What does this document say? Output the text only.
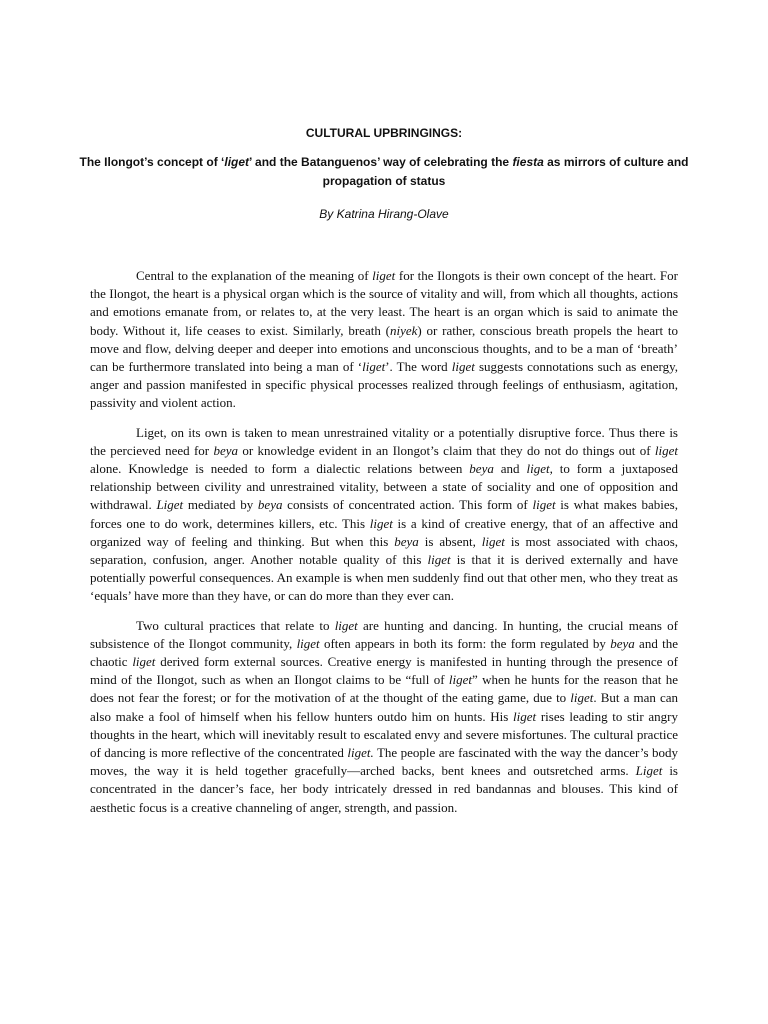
CULTURAL UPBRINGINGS:
The Ilongot’s concept of ‘liget’ and the Batanguenos’ way of celebrating the fiesta as mirrors of culture and propagation of status
By Katrina Hirang-Olave

Central to the explanation of the meaning of liget for the Ilongots is their own concept of the heart. For the Ilongot, the heart is a physical organ which is the source of vitality and will, from which all thoughts, actions and emotions emanate from, or relates to, at the very least. The heart is an organ which is said to animate the body. Without it, life ceases to exist. Similarly, breath (niyek) or rather, conscious breath propels the heart to move and flow, delving deeper and deeper into emotions and unconscious thoughts, and to be a man of ‘breath’ can be furthermore translated into being a man of ‘liget’. The word liget suggests connotations such as energy, anger and passion manifested in specific physical processes realized through feelings of enthusiasm, agitation, passivity and violent action.

Liget, on its own is taken to mean unrestrained vitality or a potentially disruptive force. Thus there is the percieved need for beya or knowledge evident in an Ilongot’s claim that they do not do things out of liget alone. Knowledge is needed to form a dialectic relations between beya and liget, to form a juxtaposed relationship between civility and unrestrained vitality, between a state of sociality and one of opposition and withdrawal. Liget mediated by beya consists of concentrated action. This form of liget is what makes babies, forces one to do work, determines killers, etc. This liget is a kind of creative energy, that of an affective and organized way of feeling and thinking. But when this beya is absent, liget is most associated with chaos, separation, confusion, anger. Another notable quality of this liget is that it is derived externally and have potentially powerful consequences. An example is when men suddenly find out that other men, who they treat as ‘equals’ have more than they have, or can do more than they ever can.

Two cultural practices that relate to liget are hunting and dancing. In hunting, the crucial means of subsistence of the Ilongot community, liget often appears in both its form: the form regulated by beya and the chaotic liget derived form external sources. Creative energy is manifested in hunting through the presence of mind of the Ilongot, such as when an Ilongot claims to be “full of liget” when he hunts for the reason that he does not fear the forest; or for the motivation of at the thought of the eating game, due to liget. But a man can also make a fool of himself when his fellow hunters outdo him on hunts. His liget rises leading to stir angry thoughts in the heart, which will inevitably result to escalated envy and severe misfortunes. The cultural practice of dancing is more reflective of the concentrated liget. The people are fascinated with the way the dancer’s body moves, the way it is held together gracefully—arched backs, bent knees and outsretched arms. Liget is concentrated in the dancer’s face, her body intricately dressed in red bandannas and blouses. This kind of aesthetic focus is a creative channeling of anger, strength, and passion.
